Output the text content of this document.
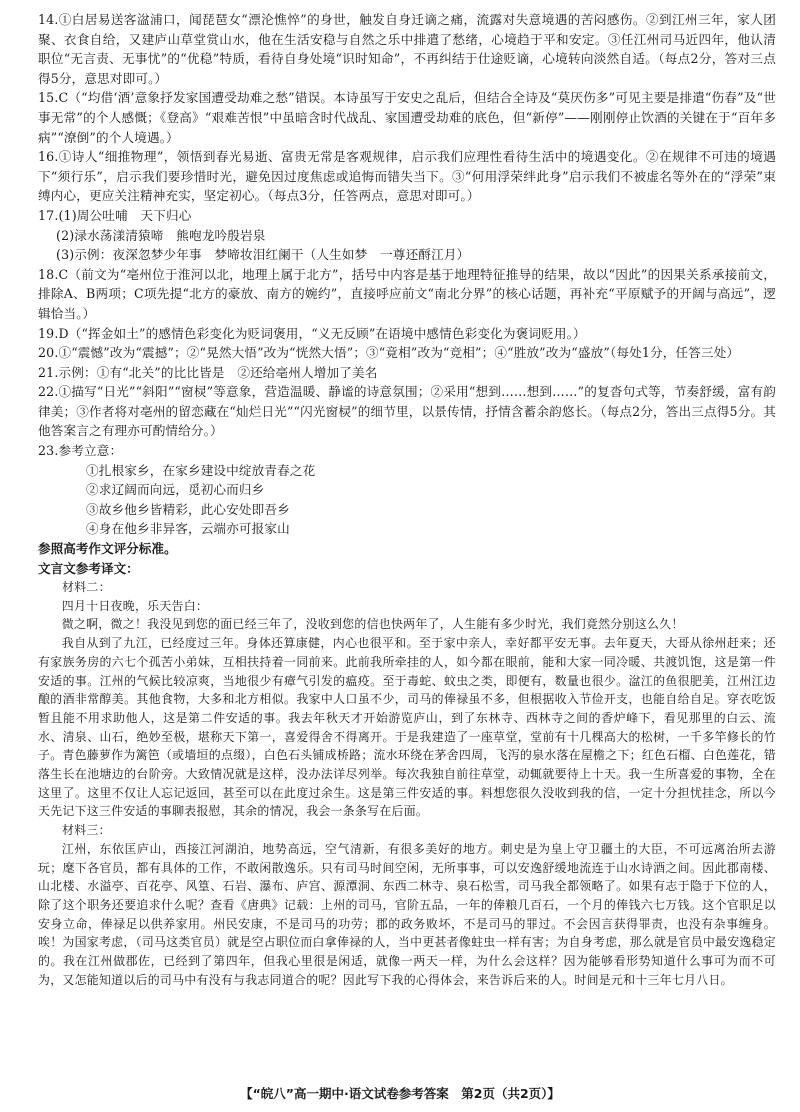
14.①白居易送客湓浦口，闻琵琶女“漂沦憔悴”的身世，触发自身迁谪之痛，流露对失意境遇的苦闷感伤。②到江州三年，家人团聚、衣食自给，又建庐山草堂赏山水，他在生活安稳与自然之乐中排遣了愁绪，心境趋于平和安定。③任江州司马近四年，他认清职位“无言责、无事忧”的“优稳”特质，看待自身处境“识时知命”，不再纠结于仕途贬谪，心境转向淡然自适。（每点2分，答对三点得5分，意思对即可。）

15.C（“均借‘酒’意象抒发家国遭受劫难之愁”错误。本诗虽写于安史之乱后，但结合全诗及“莫厌伤多”可见主要是排遣“伤春”及“世事无常”的个人感慨；《登高》“艰难苦恨”中虽暗含时代战乱、家国遭受劫难的底色，但“新停”——刚刚停止饮酒的关键在于“百年多病”“潦倒”的个人境遇。）

16.①诗人“细推物理”，领悟到春光易逝、富贵无常是客观规律，启示我们应理性看待生活中的境遇变化。②在规律不可违的境遇下“须行乐”，启示我们要珍惜时光，避免因过度焦虑或追悔而错失当下。③“何用浮荣绊此身”启示我们不被虚名等外在的“浮荣”束缚内心，更应关注精神充实，坚定初心。（每点3分，任答两点，意思对即可。）

17.(1)周公吐哺　天下归心

(2)渌水荡漾清猿啼　熊咆龙吟殷岩泉

(3)示例：夜深忽梦少年事　梦啼妆泪红阑干（人生如梦　一尊还酹江月）

18.C（前文为“亳州位于淮河以北，地理上属于北方”，括号中内容是基于地理特征推导的结果，故以“因此”的因果关系承接前文，排除A、B两项；C项先提“北方的豪放、南方的婉约”，直接呼应前文“南北分界”的核心话题，再补充“平原赋予的开阔与高远”，逻辑恰当。）

19.D（“挥金如土”的感情色彩变化为贬词褒用，“义无反顾”在语境中感情色彩变化为褒词贬用。）

20.①“震憾”改为“震撼”；②“晃然大悟”改为“恍然大悟”；③“竟相”改为“竞相”；④“胜放”改为“盛放”（每处1分，任答三处）

21.示例：①有“北关”的比比皆是　②还给亳州人增加了美名

22.①描写“日光”“斜阳”“窗棂”等意象，营造温暖、静谧的诗意氛围；②采用“想到……想到……”的复沓句式等，节奏舒缓，富有韵律美；③作者将对亳州的留恋藏在“灿烂日光”“闪光窗棂”的细节里，以景传情，抒情含蓄余韵悠长。（每点2分，答出三点得5分。其他答案言之有理亦可酌情给分。）

23.参考立意：

①扎根家乡，在家乡建设中绽放青春之花

②求辽阔而向远，觅初心而归乡

③故乡他乡皆精彩，此心安处即吾乡

④身在他乡非异客，云端亦可报家山

参照高考作文评分标准。

文言文参考译文：

材料二：

四月十日夜晚，乐天告白：

微之啊，微之！我没见到您的面已经三年了，没收到您的信也快两年了，人生能有多少时光，我们竟然分别这么久！

我自从到了九江，已经度过三年。身体还算康健，内心也很平和。至于家中亲人，幸好都平安无事。去年夏天，大哥从徐州赶来；还有家族务房的六七个孤苦小弟妹，互相扶持着一同前来。此前我所牵挂的人，如今都在眼前，能和大家一同冷暖、共渡饥饱，这是第一件安适的事。江州的气候比较凉爽，当地很少有瘴气引发的瘟疫。至于毒蛇、蚊虫之类，即便有，数量也很少。湓江的鱼很肥美，江州江边酿的酒非常醇美。其他食物，大多和北方相似。我家中人口虽不少，司马的俸禄虽不多，但根据收入节俭开支，也能自给自足。穿衣吃饭暂且能不用求助他人，这是第二件安适的事。我去年秋天才开始游览庐山，到了东林寺、西林寺之间的香炉峰下，看见那里的白云、流水、清泉、山石，绝妙至极，堪称天下第一，喜爱得舍不得离开。于是我建造了一座草堂，堂前有十几棵高大的松树，一千多竿修长的竹子。青色藤萝作为篱笆（或墙垣的点缀），白色石头铺成桥路；流水环绕在茅舍四周，飞泻的泉水落在屋檐之下；红色石榴、白色莲花，错落生长在池塘边的台阶旁。大致情况就是这样，没办法详尽列举。每次我独自前往草堂，动辄就要待上十天。我一生所喜爱的事物，全在这里了。这里不仅让人忘记返回，甚至可以在此度过余生。这是第三件安适的事。料想您很久没收到我的信，一定十分担忧挂念，所以今天先记下这三件安适的事聊表报慰，其余的情况，我会一条条写在后面。

材料三：

江州，东依匡庐山，西接江河湖泊，地势高远，空气清新，有很多美好的地方。刺史是为皇上守卫疆土的大臣，不可远离治所去游玩；麾下各官员，都有具体的工作，不敢闲散逸乐。只有司马时间空闲，无所事事，可以安逸舒缓地流连于山水诗酒之间。因此郡南楼、山北楼、水溢亭、百花亭、风篁、石岩、瀑布、庐宫、源潭洞、东西二林寺、泉石松雪，司马我全都领略了。如果有志于隐于下位的人，除了这个职务还要追求什么呢？查看《唐典》记载：上州的司马，官阶五品，一年的俸粮几百石，一个月的俸钱六七万钱。这个官职足以安身立命，俸禄足以供养家用。州民安康，不是司马的功劳；郡的政务败坏，不是司马的罪过。不会因言获得罪责，也没有杂事缠身。唉！为国家考虑，（司马这类官员）就是空占职位而白拿俸禄的人，当中更甚者像蛀虫一样有害；为自身考虑，那么就是官员中最安逸稳定的。我在江州做郡佐，已经到了第四年，但我心里很是闲适，就像一两天一样，为什么会这样？因为能够看形势知道什么事可为而不可为，又怎能知道以后的司马中有没有与我志同道合的呢？因此写下我的心得体会，来告诉后来的人。时间是元和十三年七月八日。

【“皖八”高一期中·语文试卷参考答案　第2页（共2页）】
